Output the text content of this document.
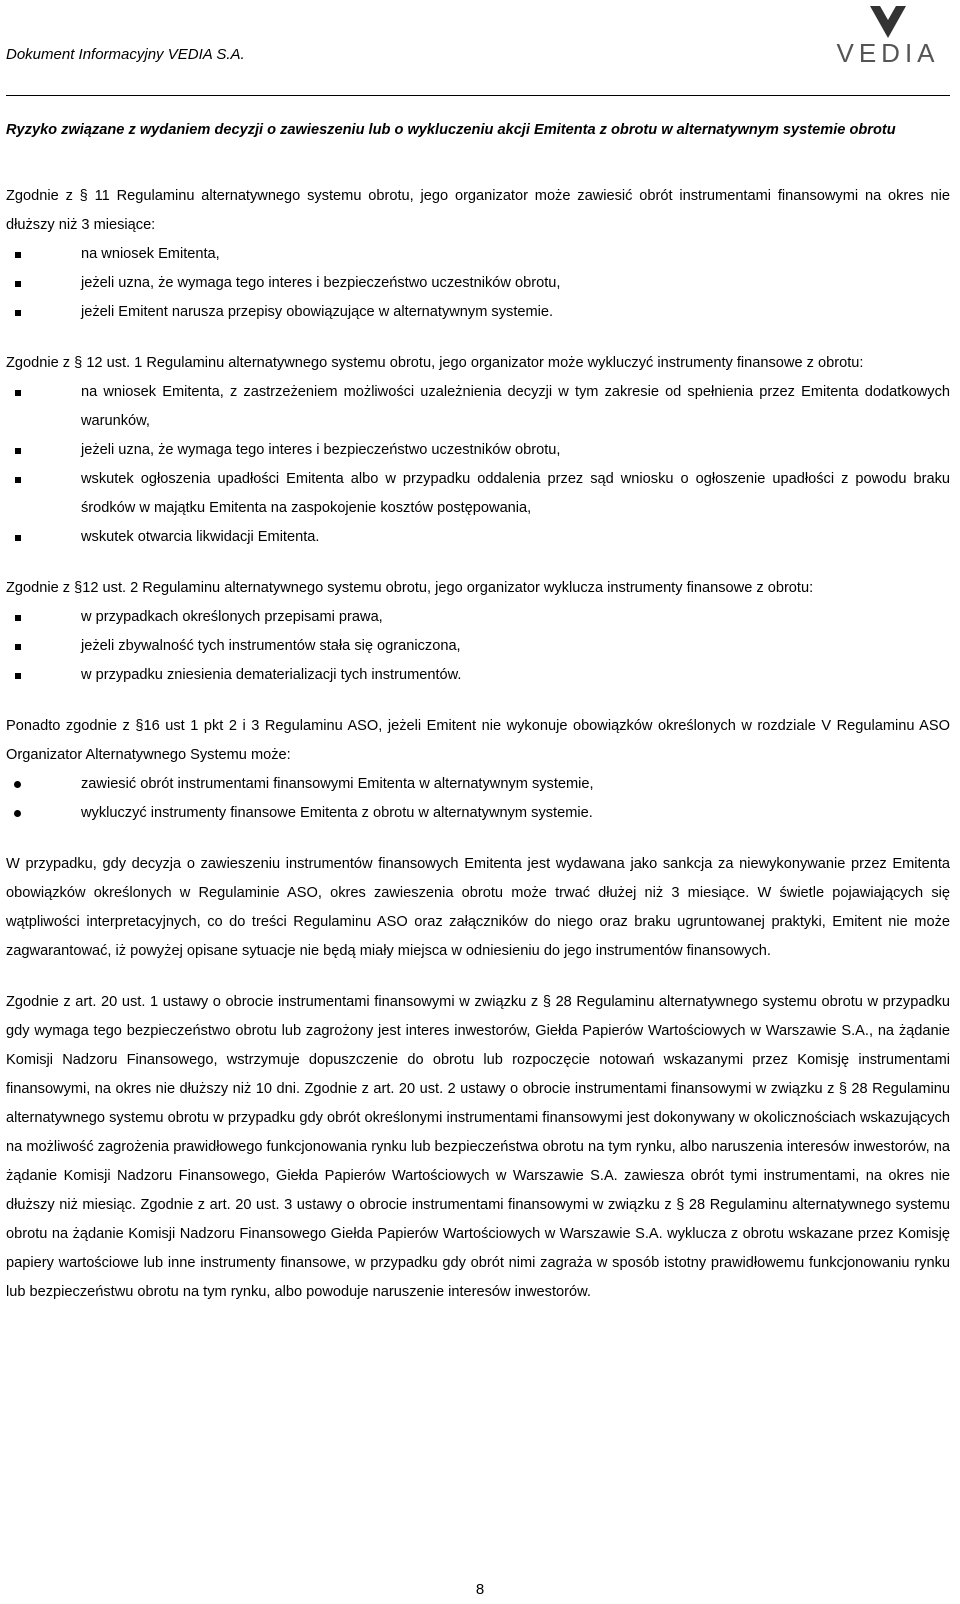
Dokument Informacyjny VEDIA S.A.	VEDIA
Ryzyko związane z wydaniem decyzji o zawieszeniu lub o wykluczeniu akcji Emitenta z obrotu w alternatywnym systemie obrotu

Zgodnie z § 11 Regulaminu alternatywnego systemu obrotu, jego organizator może zawiesić obrót instrumentami finansowymi na okres nie dłuższy niż 3 miesiące:

na wniosek Emitenta,
jeżeli uzna, że wymaga tego interes i bezpieczeństwo uczestników obrotu,
jeżeli Emitent narusza przepisy obowiązujące w alternatywnym systemie.

Zgodnie z § 12 ust. 1 Regulaminu alternatywnego systemu obrotu, jego organizator może wykluczyć instrumenty finansowe z obrotu:

na wniosek Emitenta, z zastrzeżeniem możliwości uzależnienia decyzji w tym zakresie od spełnienia przez Emitenta dodatkowych warunków,
jeżeli uzna, że wymaga tego interes i bezpieczeństwo uczestników obrotu,
wskutek ogłoszenia upadłości Emitenta albo w przypadku oddalenia przez sąd wniosku o ogłoszenie upadłości z powodu braku środków w majątku Emitenta na zaspokojenie kosztów postępowania,
wskutek otwarcia likwidacji Emitenta.

Zgodnie z §12 ust. 2 Regulaminu alternatywnego systemu obrotu, jego organizator wyklucza instrumenty finansowe z obrotu:

w przypadkach określonych przepisami prawa,
jeżeli zbywalność tych instrumentów stała się ograniczona,
w przypadku zniesienia dematerializacji tych instrumentów.

Ponadto zgodnie z §16 ust 1 pkt 2 i 3 Regulaminu ASO, jeżeli Emitent nie wykonuje obowiązków określonych w rozdziale V Regulaminu ASO Organizator Alternatywnego Systemu może:

zawiesić obrót instrumentami finansowymi Emitenta w alternatywnym systemie,
wykluczyć instrumenty finansowe Emitenta z obrotu w alternatywnym systemie.

W przypadku, gdy decyzja o zawieszeniu instrumentów finansowych Emitenta jest wydawana jako sankcja za niewykonywanie przez Emitenta obowiązków określonych w Regulaminie ASO, okres zawieszenia obrotu może trwać dłużej niż 3 miesiące. W świetle pojawiających się wątpliwości interpretacyjnych, co do treści Regulaminu ASO oraz załączników do niego oraz braku ugruntowanej praktyki, Emitent nie może zagwarantować, iż powyżej opisane sytuacje nie będą miały miejsca w odniesieniu do jego instrumentów finansowych.

Zgodnie z art. 20 ust. 1 ustawy o obrocie instrumentami finansowymi w związku z § 28 Regulaminu alternatywnego systemu obrotu w przypadku gdy wymaga tego bezpieczeństwo obrotu lub zagrożony jest interes inwestorów, Giełda Papierów Wartościowych w Warszawie S.A., na żądanie Komisji Nadzoru Finansowego, wstrzymuje dopuszczenie do obrotu lub rozpoczęcie notowań wskazanymi przez Komisję instrumentami finansowymi, na okres nie dłuższy niż 10 dni. Zgodnie z art. 20 ust. 2 ustawy o obrocie instrumentami finansowymi w związku z § 28 Regulaminu alternatywnego systemu obrotu w przypadku gdy obrót określonymi instrumentami finansowymi jest dokonywany w okolicznościach wskazujących na możliwość zagrożenia prawidłowego funkcjonowania rynku lub bezpieczeństwa obrotu na tym rynku, albo naruszenia interesów inwestorów, na żądanie Komisji Nadzoru Finansowego, Giełda Papierów Wartościowych w Warszawie S.A. zawiesza obrót tymi instrumentami, na okres nie dłuższy niż miesiąc. Zgodnie z art. 20 ust. 3 ustawy o obrocie instrumentami finansowymi w związku z § 28 Regulaminu alternatywnego systemu obrotu na żądanie Komisji Nadzoru Finansowego Giełda Papierów Wartościowych w Warszawie S.A. wyklucza z obrotu wskazane przez Komisję papiery wartościowe lub inne instrumenty finansowe, w przypadku gdy obrót nimi zagraża w sposób istotny prawidłowemu funkcjonowaniu rynku lub bezpieczeństwu obrotu na tym rynku, albo powoduje naruszenie interesów inwestorów.

8
